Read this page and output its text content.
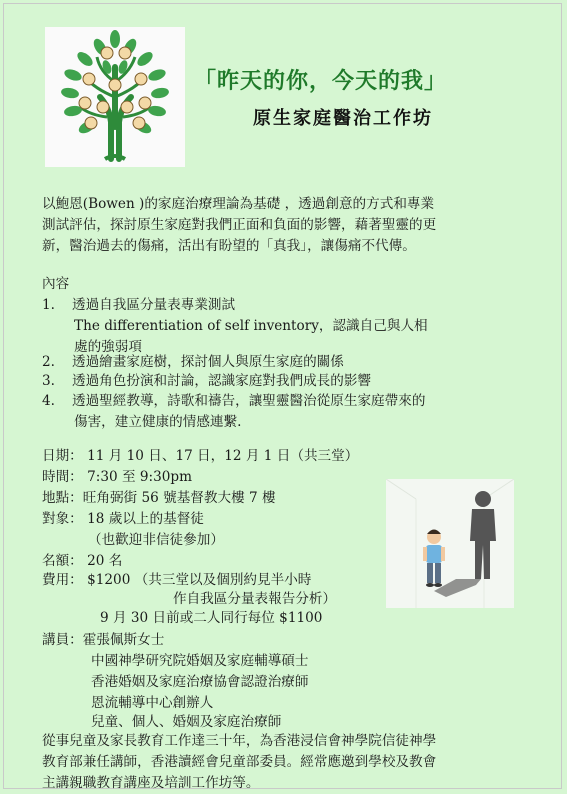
「昨天的你，今天的我」
原生家庭醫治工作坊
以鮑恩(Bowen )的家庭治療理論為基礎 ，透過創意的方式和專業
測試評估，探討原生家庭對我們正面和負面的影響，藉著聖靈的更
新，醫治過去的傷痛，活出有盼望的「真我」，讓傷痛不代傳。
內容
1. 透過自我區分量表專業測試
The differentiation of self inventory，認識自己與人相
處的強弱項
2. 透過繪畫家庭樹，探討個人與原生家庭的關係
3. 透過角色扮演和討論，認識家庭對我們成長的影響
4. 透過聖經教導，詩歌和禱告，讓聖靈醫治從原生家庭帶來的
傷害，建立健康的情感連繫.
日期： 11 月 10 日、17 日，12 月 1 日（共三堂）
時間： 7:30 至 9:30pm
地點：旺角弼街 56 號基督教大樓 7 樓
對象： 18 歲以上的基督徒
（也歡迎非信徒參加）
名額： 20 名
費用： $1200 （共三堂以及個別約見半小時
作自我區分量表報告分析）
9 月 30 日前或二人同行每位 $1100
講員：霍張佩斯女士
中國神學研究院婚姻及家庭輔導碩士
香港婚姻及家庭治療協會認證治療師
恩流輔導中心創辦人
兒童、個人、婚姻及家庭治療師
從事兒童及家長教育工作達三十年，為香港浸信會神學院信徒神學
教育部兼任講師，香港讀經會兒童部委員。經常應邀到學校及教會
主講親職教育講座及培訓工作坊等。
